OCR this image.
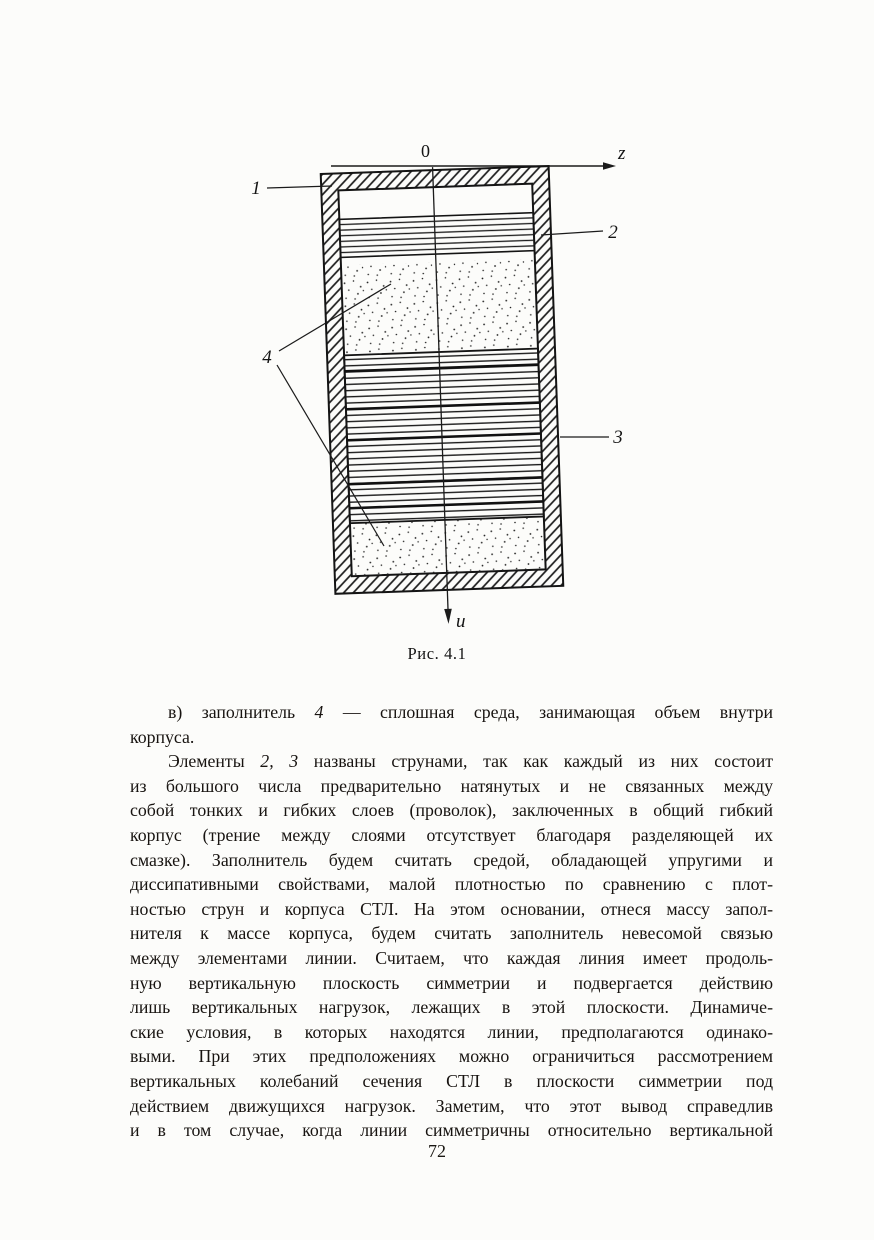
z
0
u
1
2
3
4
Рис. 4.1
в) заполнитель 4 — сплошная среда, занимающая объем внутри
корпуса.
Элементы 2, 3 названы струнами, так как каждый из них состоит
из большого числа предварительно натянутых и не связанных между
собой тонких и гибких слоев (проволок), заключенных в общий гибкий
корпус (трение между слоями отсутствует благодаря разделяющей их
смазке). Заполнитель будем считать средой, обладающей упругими и
диссипативными свойствами, малой плотностью по сравнению с плот-
ностью струн и корпуса СТЛ. На этом основании, отнеся массу запол-
нителя к массе корпуса, будем считать заполнитель невесомой связью
между элементами линии. Считаем, что каждая линия имеет продоль-
ную вертикальную плоскость симметрии и подвергается действию
лишь вертикальных нагрузок, лежащих в этой плоскости. Динамиче-
ские условия, в которых находятся линии, предполагаются одинако-
выми. При этих предположениях можно ограничиться рассмотрением
вертикальных колебаний сечения СТЛ в плоскости симметрии под
действием движущихся нагрузок. Заметим, что этот вывод справедлив
и в том случае, когда линии симметричны относительно вертикальной
72
